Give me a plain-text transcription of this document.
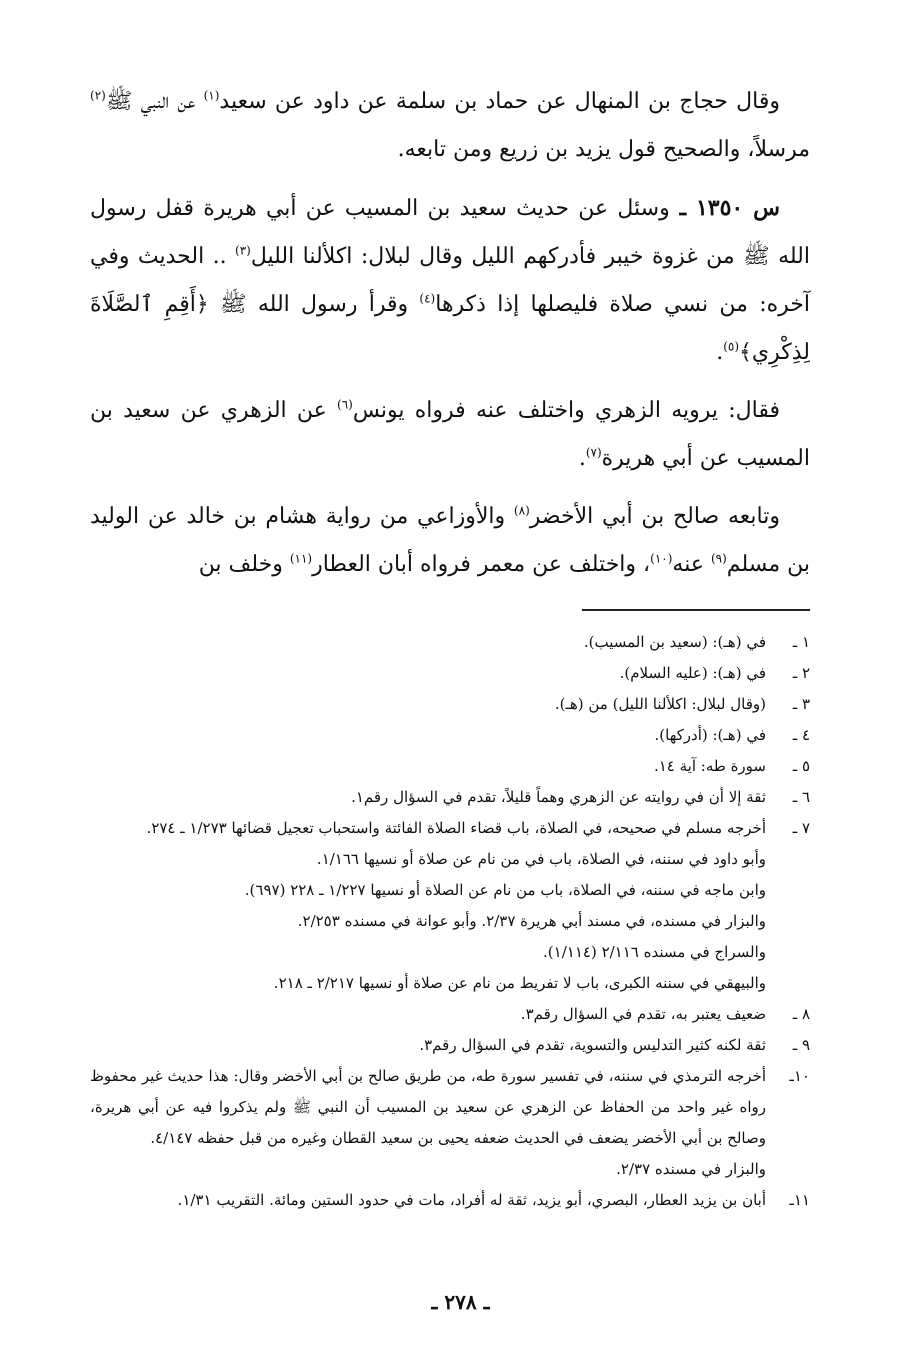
وقال حجاج بن المنهال عن حماد بن سلمة عن داود عن سعيد$^{(١)}$ عن النبي ﷺ$^{(٢)}$ مرسلاً، والصحيح قول يزيد بن زريع ومن تابعه.

س ١٣٥٠ ـ وسئل عن حديث سعيد بن المسيب عن أبي هريرة قفل رسول الله ﷺ من غزوة خيبر فأدركهم الليل وقال لبلال: اكلألنا الليل$^{(٣)}$ .. الحديث وفي آخره: من نسي صلاة فليصلها إذا ذكرها$^{(٤)}$ وقرأ رسول الله ﷺ ﴿أَقِمِ ٱلصَّلَاةَ لِذِكْرِي﴾$^{(٥)}$.

فقال: يرويه الزهري واختلف عنه فرواه يونس$^{(٦)}$ عن الزهري عن سعيد بن المسيب عن أبي هريرة$^{(٧)}$.

وتابعه صالح بن أبي الأخضر$^{(٨)}$ والأوزاعي من رواية هشام بن خالد عن الوليد بن مسلم$^{(٩)}$ عنه$^{(١٠)}$، واختلف عن معمر فرواه أبان العطار$^{(١١)}$ وخلف بن

١ ـ
في (هـ): (سعيد بن المسيب).
٢ ـ
في (هـ): (عليه السلام).
٣ ـ
(وقال لبلال: اكلألنا الليل) من (هـ).
٤ ـ
في (هـ): (أدركها).
٥ ـ
سورة طه: آية ١٤.
٦ ـ
ثقة إلا أن في روايته عن الزهري وهماً قليلاً، تقدم في السؤال رقم١.
٧ ـ
أخرجه مسلم في صحيحه، في الصلاة، باب قضاء الصلاة الفائتة واستحباب تعجيل قضائها ١/٢٧٣ ـ ٢٧٤.
وأبو داود في سننه، في الصلاة، باب في من نام عن صلاة أو نسيها ١/١٦٦.
وابن ماجه في سننه، في الصلاة، باب من نام عن الصلاة أو نسيها ١/٢٢٧ ـ ٢٢٨ (٦٩٧).
والبزار في مسنده، في مسند أبي هريرة ٢/٣٧. وأبو عوانة في مسنده ٢/٢٥٣.
والسراج في مسنده ٢/١١٦ (١/١١٤).
والبيهقي في سننه الكبرى، باب لا تفريط من نام عن صلاة أو نسيها ٢/٢١٧ ـ ٢١٨.
٨ ـ
ضعيف يعتبر به، تقدم في السؤال رقم٣.
٩ ـ
ثقة لكنه كثير التدليس والتسوية، تقدم في السؤال رقم٣.
١٠ـ
أخرجه الترمذي في سننه، في تفسير سورة طه، من طريق صالح بن أبي الأخضر وقال: هذا حديث غير محفوظ رواه غير واحد من الحفاظ عن الزهري عن سعيد بن المسيب أن النبي ﷺ ولم يذكروا فيه عن أبي هريرة، وصالح بن أبي الأخضر يضعف في الحديث ضعفه يحيى بن سعيد القطان وغيره من قبل حفظه ٤/١٤٧.
والبزار في مسنده ٢/٣٧.
١١ـ
أبان بن يزيد العطار، البصري، أبو يزيد، ثقة له أفراد، مات في حدود الستين ومائة. التقريب ١/٣١.
ـ ٢٧٨ ـ
